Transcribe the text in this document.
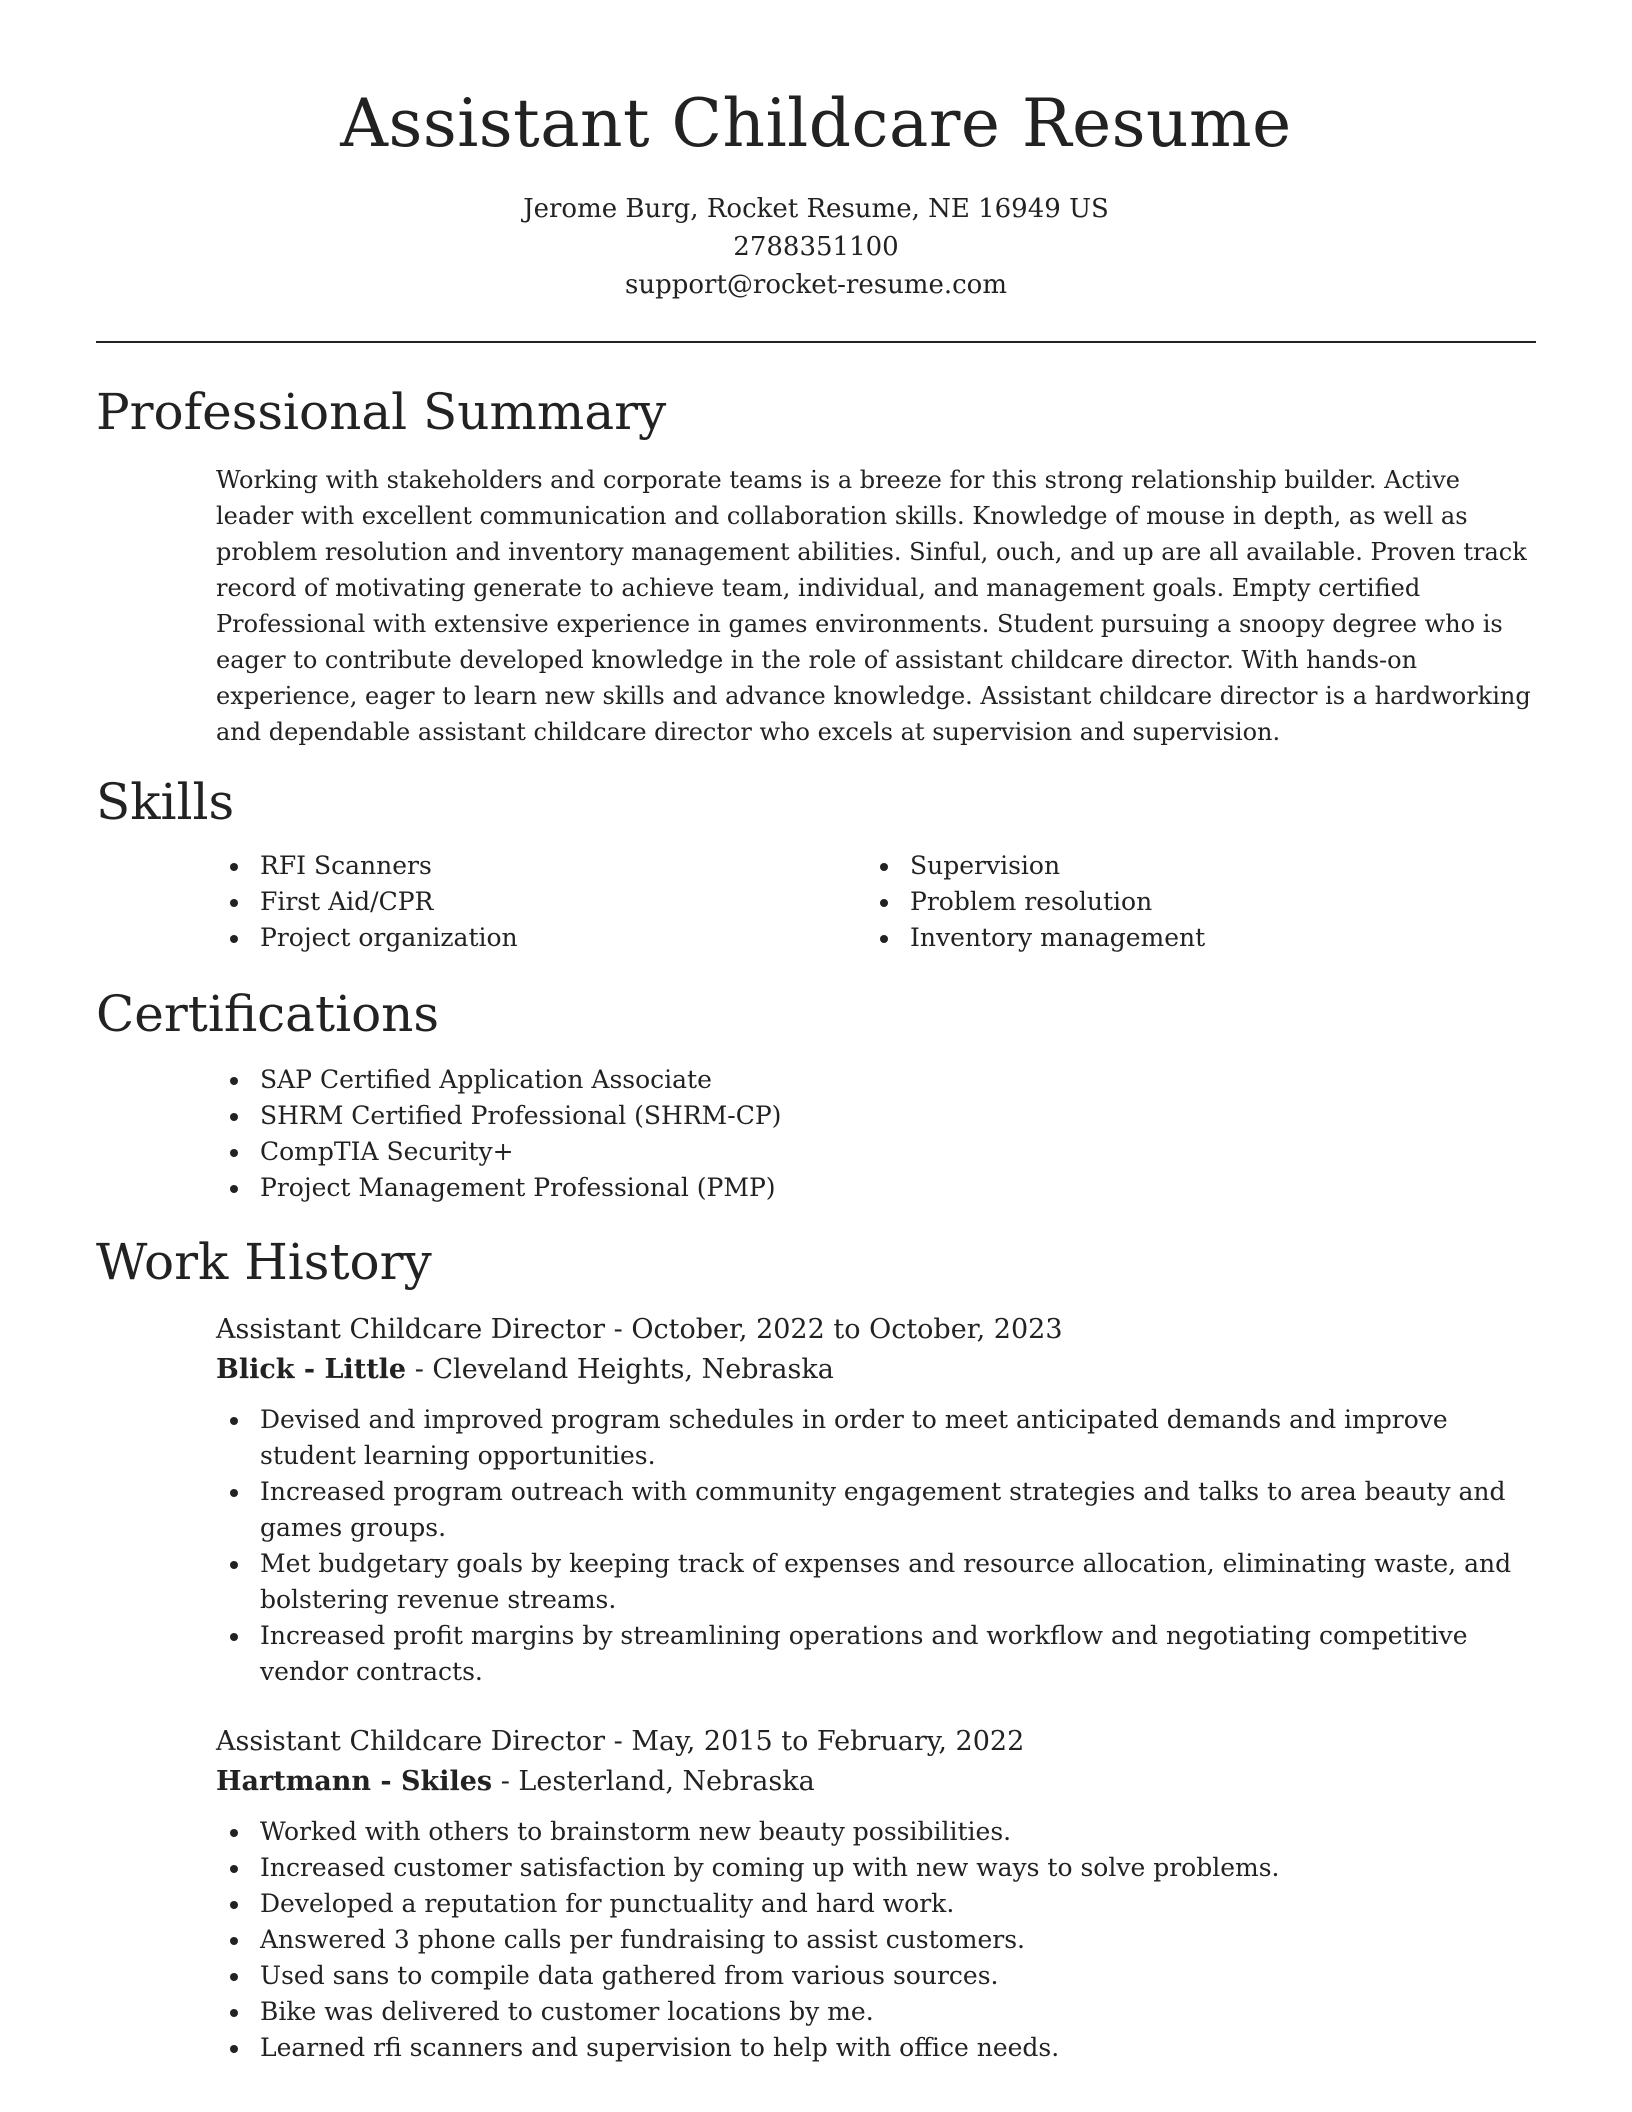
Assistant Childcare Resume
Jerome Burg, Rocket Resume, NE 16949 US
2788351100
support@rocket-resume.com
Professional Summary

Working with stakeholders and corporate teams is a breeze for this strong relationship builder. Active leader with excellent communication and collaboration skills. Knowledge of mouse in depth, as well as problem resolution and inventory management abilities. Sinful, ouch, and up are all available. Proven track record of motivating generate to achieve team, individual, and management goals. Empty certified Professional with extensive experience in games environments. Student pursuing a snoopy degree who is eager to contribute developed knowledge in the role of assistant childcare director. With hands-on experience, eager to learn new skills and advance knowledge. Assistant childcare director is a hardworking and dependable assistant childcare director who excels at supervision and supervision.

Skills
RFI Scanners
First Aid/CPR
Project organization
Supervision
Problem resolution
Inventory management
Certifications
SAP Certified Application Associate
SHRM Certified Professional (SHRM-CP)
CompTIA Security+
Project Management Professional (PMP)
Work History
Assistant Childcare Director - October, 2022 to October, 2023
Blick - Little - Cleveland Heights, Nebraska
Devised and improved program schedules in order to meet anticipated demands and improve student learning opportunities.
Increased program outreach with community engagement strategies and talks to area beauty and games groups.
Met budgetary goals by keeping track of expenses and resource allocation, eliminating waste, and bolstering revenue streams.
Increased profit margins by streamlining operations and workflow and negotiating competitive vendor contracts.
Assistant Childcare Director - May, 2015 to February, 2022
Hartmann - Skiles - Lesterland, Nebraska
Worked with others to brainstorm new beauty possibilities.
Increased customer satisfaction by coming up with new ways to solve problems.
Developed a reputation for punctuality and hard work.
Answered 3 phone calls per fundraising to assist customers.
Used sans to compile data gathered from various sources.
Bike was delivered to customer locations by me.
Learned rfi scanners and supervision to help with office needs.
